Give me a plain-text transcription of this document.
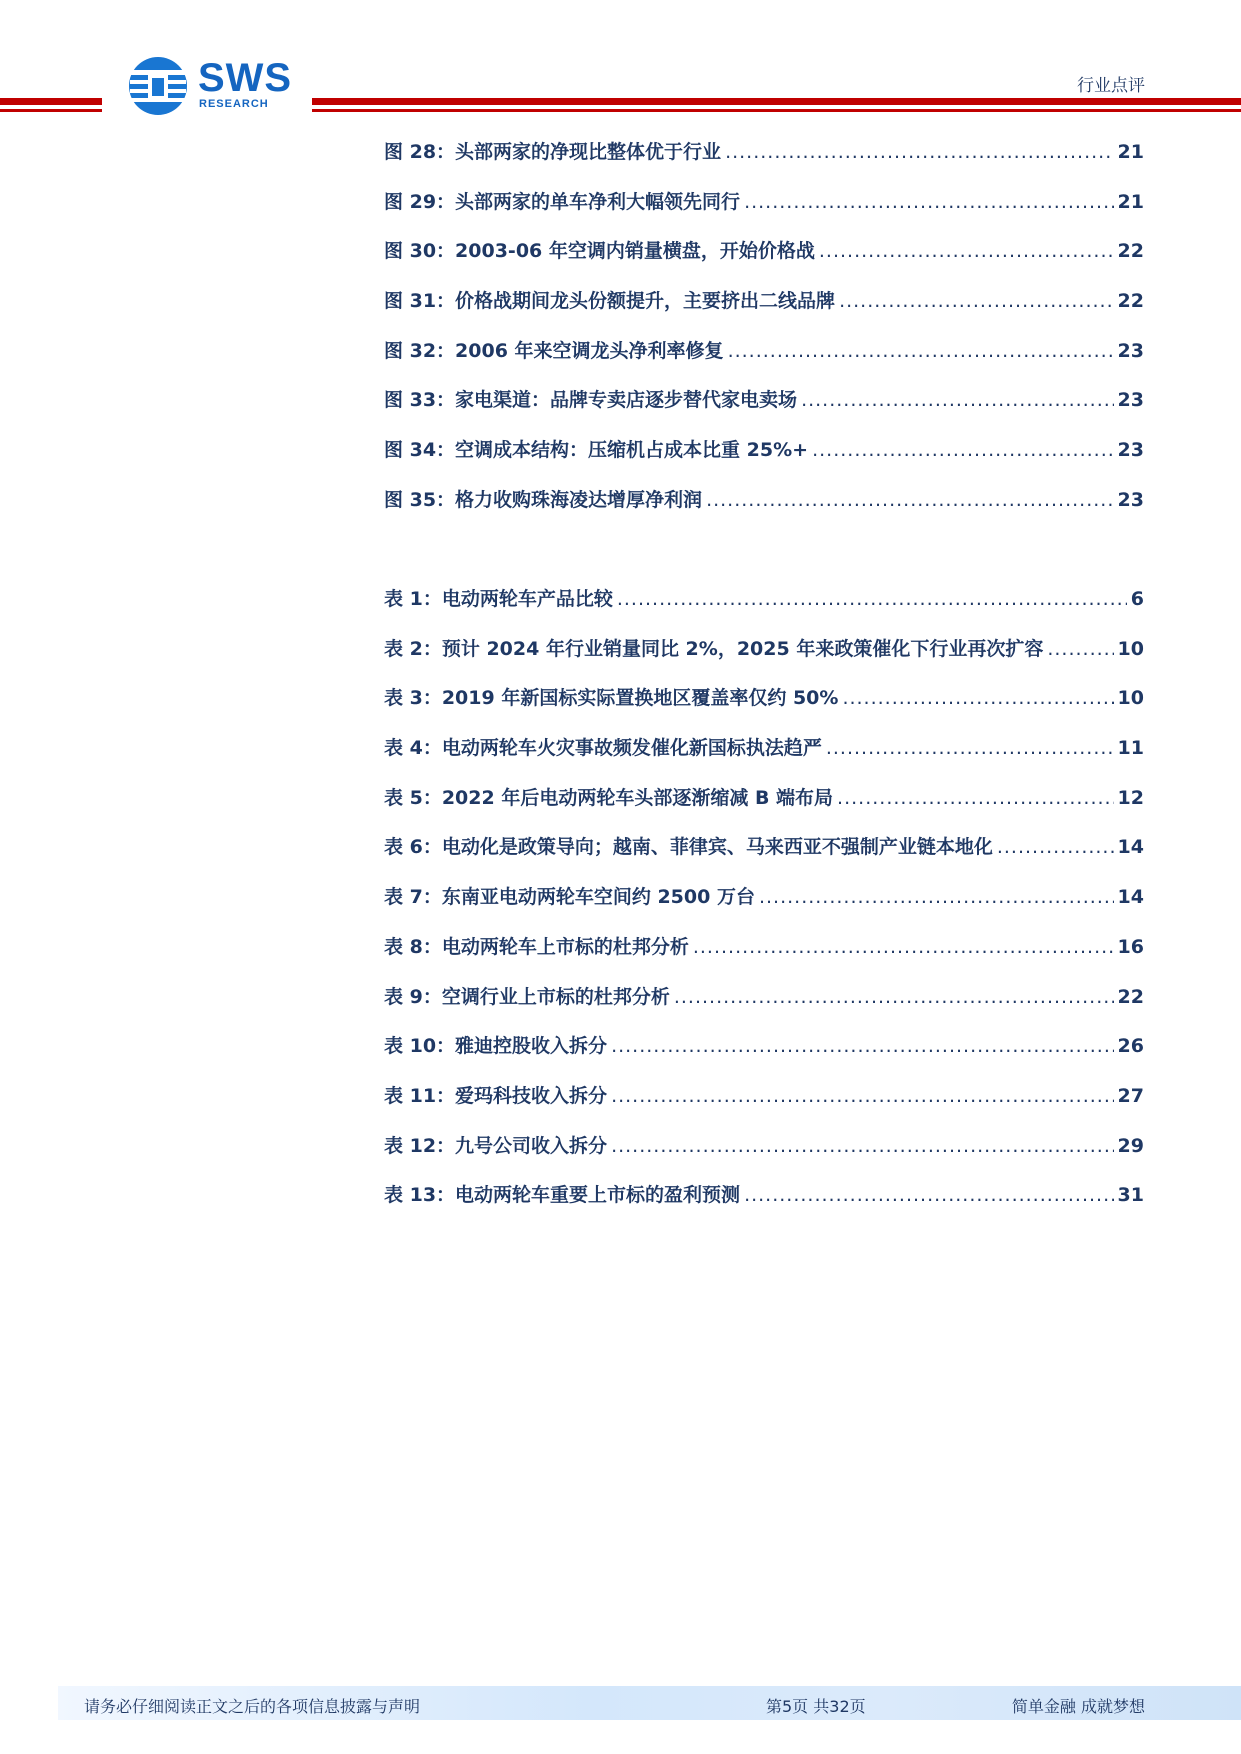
SWS
RESEARCH
行业点评
图 28：头部两家的净现比整体优于行业 .....	21
图 29：头部两家的单车净利大幅领先同行 .....	21
图 30：2003-06 年空调内销量横盘，开始价格战 .....	22
图 31：价格战期间龙头份额提升，主要挤出二线品牌 .....	22
图 32：2006 年来空调龙头净利率修复 .....	23
图 33：家电渠道：品牌专卖店逐步替代家电卖场 .....	23
图 34：空调成本结构：压缩机占成本比重 25%+ .....	23
图 35：格力收购珠海凌达增厚净利润 .....	23
表 1：电动两轮车产品比较 .....	6
表 2：预计 2024 年行业销量同比 2%，2025 年来政策催化下行业再次扩容 .....	10
表 3：2019 年新国标实际置换地区覆盖率仅约 50% .....	10
表 4：电动两轮车火灾事故频发催化新国标执法趋严 .....	11
表 5：2022 年后电动两轮车头部逐渐缩减 B 端布局 .....	12
表 6：电动化是政策导向；越南、菲律宾、马来西亚不强制产业链本地化 .....	14
表 7：东南亚电动两轮车空间约 2500 万台 .....	14
表 8：电动两轮车上市标的杜邦分析 .....	16
表 9：空调行业上市标的杜邦分析 .....	22
表 10：雅迪控股收入拆分 .....	26
表 11：爱玛科技收入拆分 .....	27
表 12：九号公司收入拆分 .....	29
表 13：电动两轮车重要上市标的盈利预测 .....	31
请务必仔细阅读正文之后的各项信息披露与声明	第5页 共32页	简单金融 成就梦想
